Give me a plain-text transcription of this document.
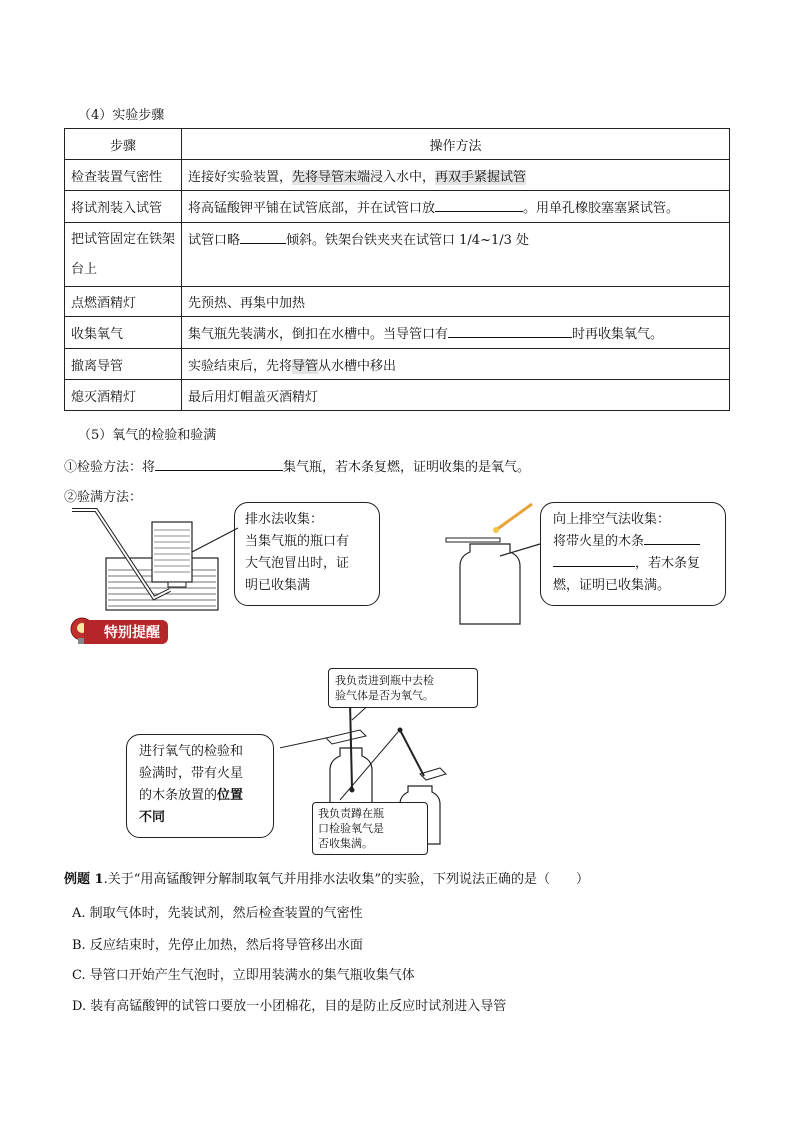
（4）实验步骤
步骤	操作方法
检查装置气密性	连接好实验装置，先将导管末端浸入水中，再双手紧握试管
将试剂装入试管	将高锰酸钾平铺在试管底部，并在试管口放 。用单孔橡胶塞塞紧试管。
把试管固定在铁架台上	试管口略 倾斜。铁架台铁夹夹在试管口 1/4~1/3 处
点燃酒精灯	先预热、再集中加热
收集氧气	集气瓶先装满水，倒扣在水槽中。当导管口有 时再收集氧气。
撤离导管	实验结束后，先将导管从水槽中移出
熄灭酒精灯	最后用灯帽盖灭酒精灯
（5）氧气的检验和验满
①检验方法：将	集气瓶，若木条复燃，证明收集的是氧气。
②验满方法：
排水法收集：
当集气瓶的瓶口有
大气泡冒出时，证
明已收集满
向上排空气法收集：
将带火星的木条
，若木条复
燃，证明已收集满。
特别提醒
我负责进到瓶中去检
验气体是否为氧气。
我负责蹲在瓶
口检验氧气是
否收集满。
进行氧气的检验和
验满时，带有火星
的木条放置的位置
不同
例题 1.关于“用高锰酸钾分解制取氧气并用排水法收集”的实验，下列说法正确的是（　　）
A. 制取气体时，先装试剂，然后检查装置的气密性
B. 反应结束时，先停止加热，然后将导管移出水面
C. 导管口开始产生气泡时，立即用装满水的集气瓶收集气体
D. 装有高锰酸钾的试管口要放一小团棉花，目的是防止反应时试剂进入导管
